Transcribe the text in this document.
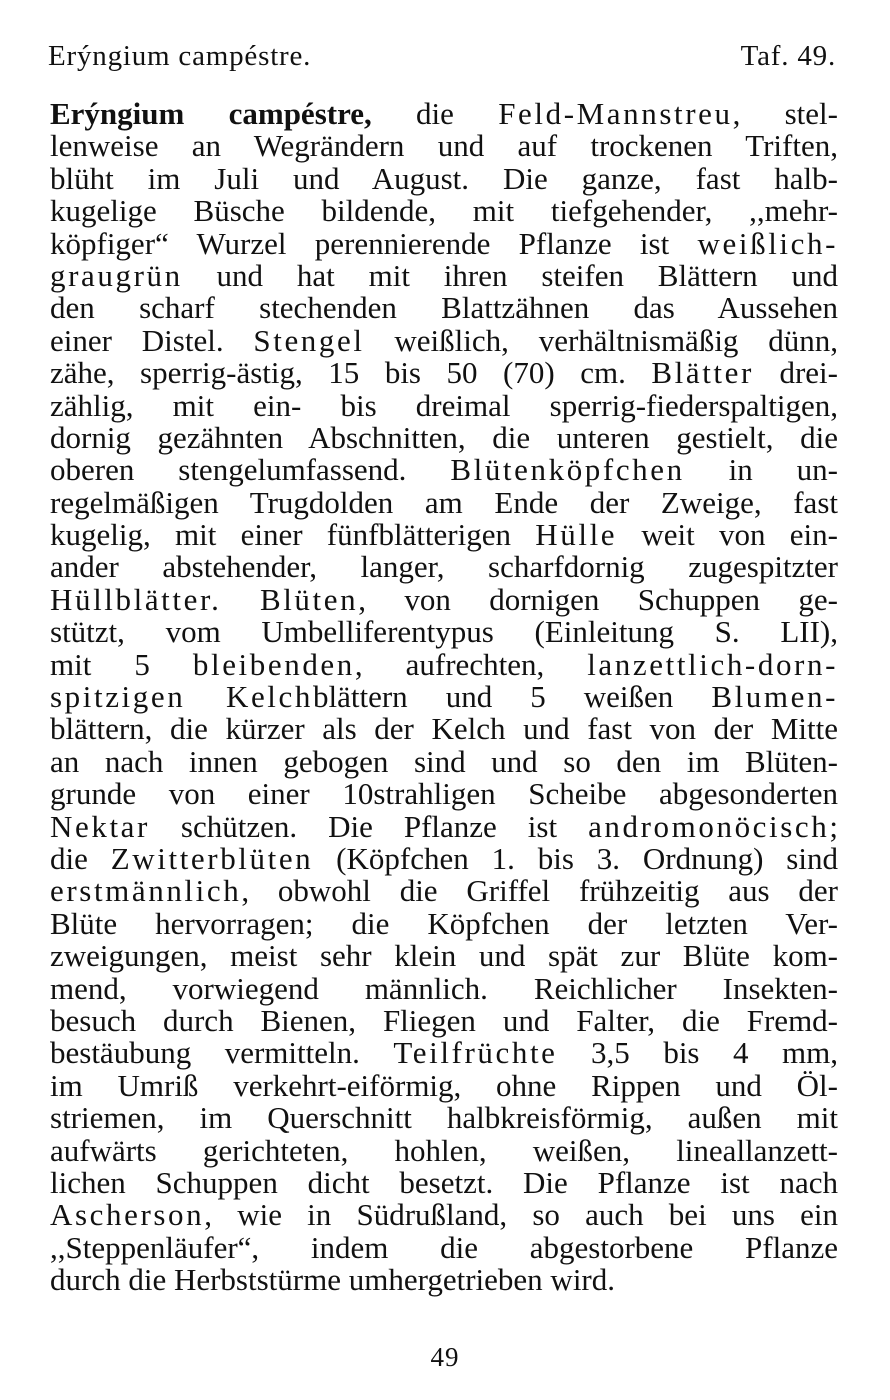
Erýngium campéstre.	Taf. 49.
Erýngium campéstre, die Feld-Mannstreu, stel-
lenweise an Wegrändern und auf trockenen Triften,
blüht im Juli und August. Die ganze, fast halb-
kugelige Büsche bildende, mit tiefgehender, ,,mehr-
köpfiger“ Wurzel perennierende Pflanze ist weißlich-
graugrün und hat mit ihren steifen Blättern und
den scharf stechenden Blattzähnen das Aussehen
einer Distel. Stengel weißlich, verhältnismäßig dünn,
zähe, sperrig-ästig, 15 bis 50 (70) cm. Blätter drei-
zählig, mit ein- bis dreimal sperrig-fiederspaltigen,
dornig gezähnten Abschnitten, die unteren gestielt, die
oberen stengelumfassend. Blütenköpfchen in un-
regelmäßigen Trugdolden am Ende der Zweige, fast
kugelig, mit einer fünfblätterigen Hülle weit von ein-
ander abstehender, langer, scharfdornig zugespitzter
Hüllblätter. Blüten, von dornigen Schuppen ge-
stützt, vom Umbelliferentypus (Einleitung S. LII),
mit 5 bleibenden, aufrechten, lanzettlich-dorn-
spitzigen Kelchblättern und 5 weißen Blumen-
blättern, die kürzer als der Kelch und fast von der Mitte
an nach innen gebogen sind und so den im Blüten-
grunde von einer 10strahligen Scheibe abgesonderten
Nektar schützen. Die Pflanze ist andromonöcisch;
die Zwitterblüten (Köpfchen 1. bis 3. Ordnung) sind
erstmännlich, obwohl die Griffel frühzeitig aus der
Blüte hervorragen; die Köpfchen der letzten Ver-
zweigungen, meist sehr klein und spät zur Blüte kom-
mend, vorwiegend männlich. Reichlicher Insekten-
besuch durch Bienen, Fliegen und Falter, die Fremd-
bestäubung vermitteln. Teilfrüchte 3,5 bis 4 mm,
im Umriß verkehrt-eiförmig, ohne Rippen und Öl-
striemen, im Querschnitt halbkreisförmig, außen mit
aufwärts gerichteten, hohlen, weißen, lineallanzett-
lichen Schuppen dicht besetzt. Die Pflanze ist nach
Ascherson, wie in Südrußland, so auch bei uns ein
,,Steppenläufer“, indem die abgestorbene Pflanze
durch die Herbststürme umhergetrieben wird.
49
